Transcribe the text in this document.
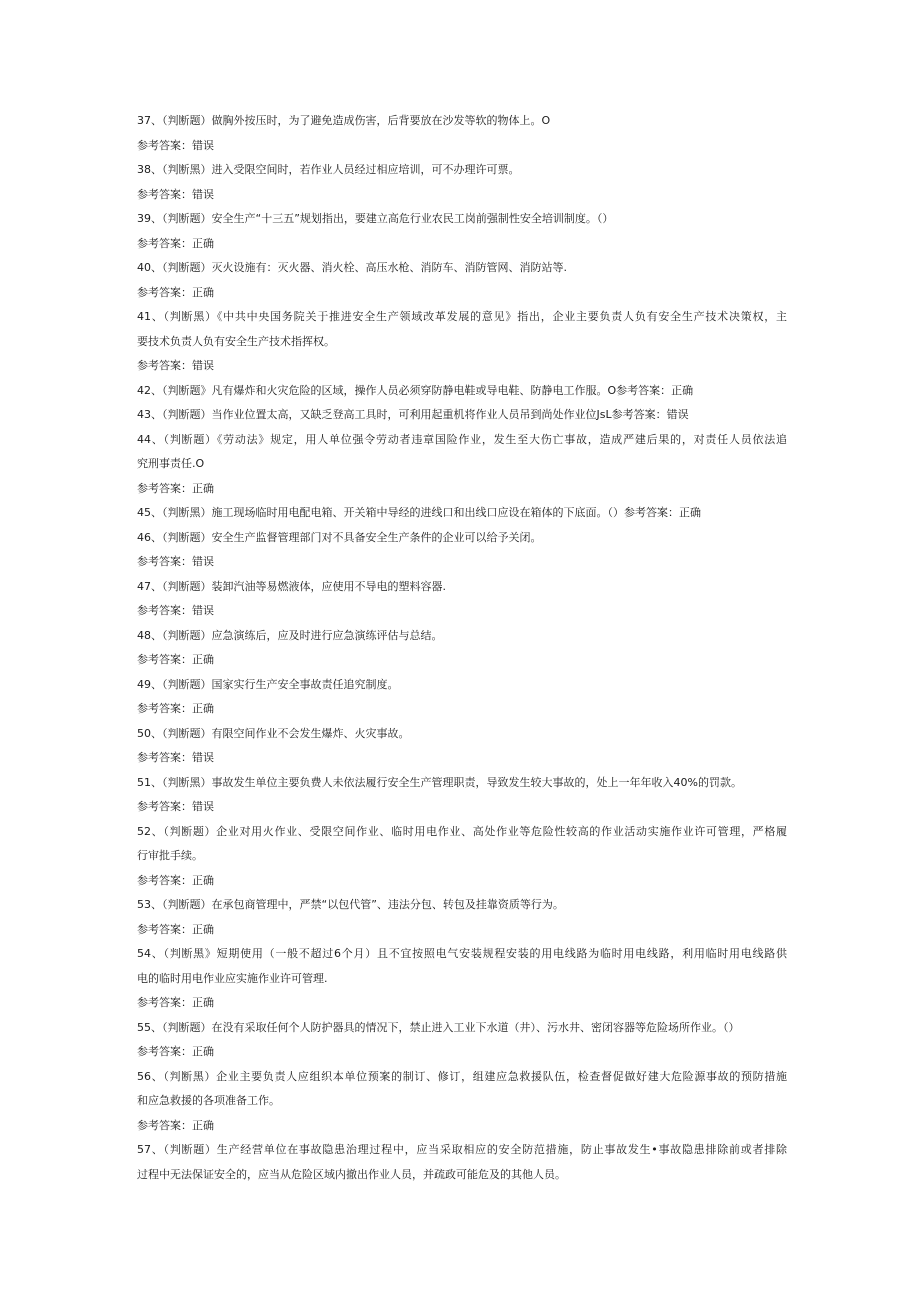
37、（判断题）做胸外按压时，为了避免造成伤害，后背要放在沙发等软的物体上。O
参考答案：错误
38、（判断黑）进入受限空间时，若作业人员经过相应培训，可不办理许可票。
参考答案：错误
39、（判断题）安全生产“十三五”规划指出，要建立高危行业农民工岗前强制性安全培训制度。（）
参考答案：正确
40、（判断题）灭火设施有：灭火器、消火栓、高压水枪、消防车、消防管网、消防站等.
参考答案：正确
41、（判断黑）《中共中央国务院关于推进安全生产领域改革发展的意见》指出，企业主要负责人负有安全生产技术决策权，主
要技术负责人负有安全生产技术指挥权。
参考答案：错误
42、（判断题》凡有爆炸和火灾危险的区域，操作人员必须穿防静电鞋或导电鞋、防静电工作服。O参考答案：正确
43、（判断题）当作业位置太高，又缺乏登高工具时，可利用起重机将作业人员吊到尚处作业位JsL参考答案：错误
44、（判断题）《劳动法》规定，用人单位强令劳动者违章国险作业，发生至大伤亡事故，造成严建后果的，对责任人员依法追
究刑事责任.O
参考答案：正确
45、（判断黑）施工现场临时用电配电箱、开关箱中导经的进线口和出线口应设在箱体的下底面。（）参考答案：正确
46、（判断题）安全生产监督管理部门对不具备安全生产条件的企业可以给予关闭。
参考答案：错误
47、（判断题）装卸汽油等易燃液体，应使用不导电的塑料容器.
参考答案：错误
48、（判断题）应急演练后，应及时进行应急演练评估与总结。
参考答案：正确
49、（判断题）国家实行生产安全事故责任追究制度。
参考答案：正确
50、（判断题）有限空间作业不会发生爆炸、火灾事故。
参考答案：错误
51、（判断黑）事故发生单位主要负费人未依法履行安全生产管理职责，导致发生较大事故的，处上一年年收入40%的罚款。
参考答案：错误
52、（判断题）企业对用火作业、受限空间作业、临时用电作业、高处作业等危险性较高的作业活动实施作业许可管理，严格履
行审批手续。
参考答案：正确
53、（判断题）在承包商管理中，严禁“以包代管”、违法分包、转包及挂靠资质等行为。
参考答案：正确
54、（判断黑》短期使用（一般不超过6个月）且不宜按照电气安装规程安装的用电线路为临时用电线路，利用临时用电线路供
电的临时用电作业应实施作业许可管理.
参考答案：正确
55、（判断题）在没有采取任何个人防护器具的情况下，禁止进入工业下水道（井）、污水井、密闭容器等危险场所作业。（）
参考答案：正确
56、（判断黑）企业主要负责人应组织本单位预案的制订、修订，组建应急救援队伍，检查督促做好建大危险源事故的预防措施
和应急救援的各项准备工作。
参考答案：正确
57、（判断题）生产经营单位在事故隐患治理过程中，应当采取相应的安全防范措施，防止事故发生•事故隐患排除前或者排除
过程中无法保证安全的，应当从危险区域内撤出作业人员，并疏政可能危及的其他人员。
